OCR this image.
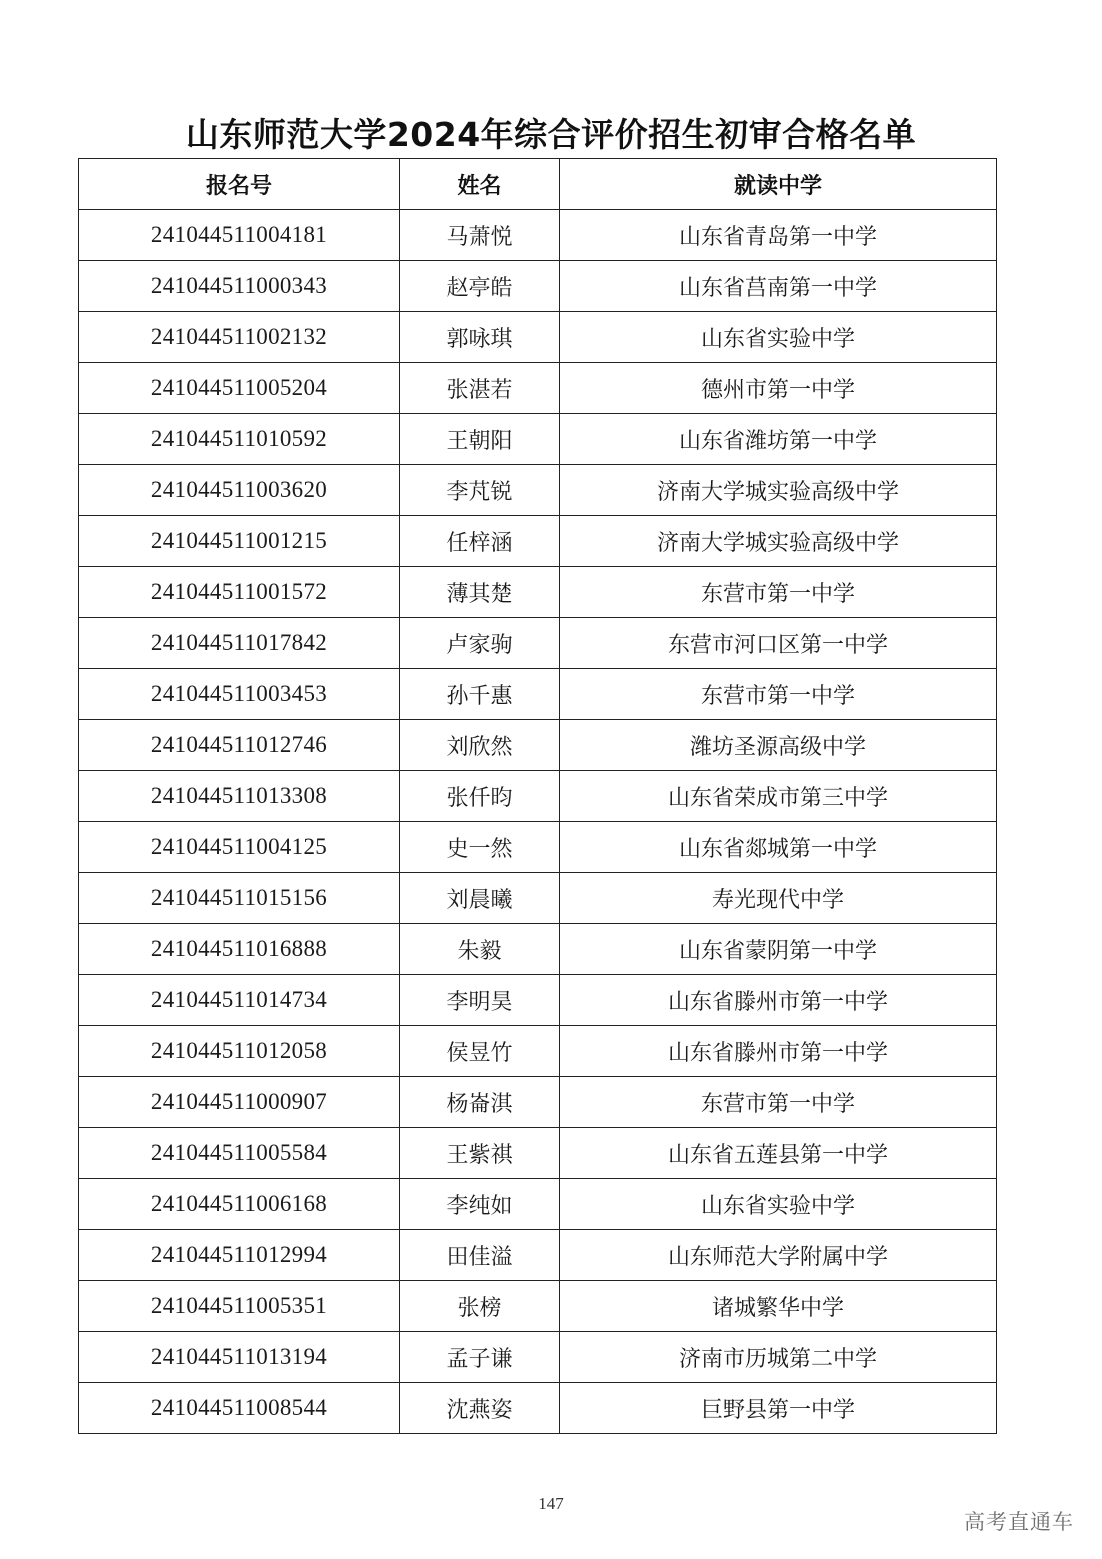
山东师范大学2024年综合评价招生初审合格名单
报名号	姓名	就读中学
241044511004181	马萧悦	山东省青岛第一中学
241044511000343	赵亭皓	山东省莒南第一中学
241044511002132	郭咏琪	山东省实验中学
241044511005204	张湛若	德州市第一中学
241044511010592	王朝阳	山东省潍坊第一中学
241044511003620	李芃锐	济南大学城实验高级中学
241044511001215	任梓涵	济南大学城实验高级中学
241044511001572	薄其楚	东营市第一中学
241044511017842	卢家驹	东营市河口区第一中学
241044511003453	孙千惠	东营市第一中学
241044511012746	刘欣然	潍坊圣源高级中学
241044511013308	张仟昀	山东省荣成市第三中学
241044511004125	史一然	山东省郯城第一中学
241044511015156	刘晨曦	寿光现代中学
241044511016888	朱毅	山东省蒙阴第一中学
241044511014734	李明昊	山东省滕州市第一中学
241044511012058	侯昱竹	山东省滕州市第一中学
241044511000907	杨崙淇	东营市第一中学
241044511005584	王紫祺	山东省五莲县第一中学
241044511006168	李纯如	山东省实验中学
241044511012994	田佳溢	山东师范大学附属中学
241044511005351	张榜	诸城繁华中学
241044511013194	孟子谦	济南市历城第二中学
241044511008544	沈燕姿	巨野县第一中学
147
高考直通车
